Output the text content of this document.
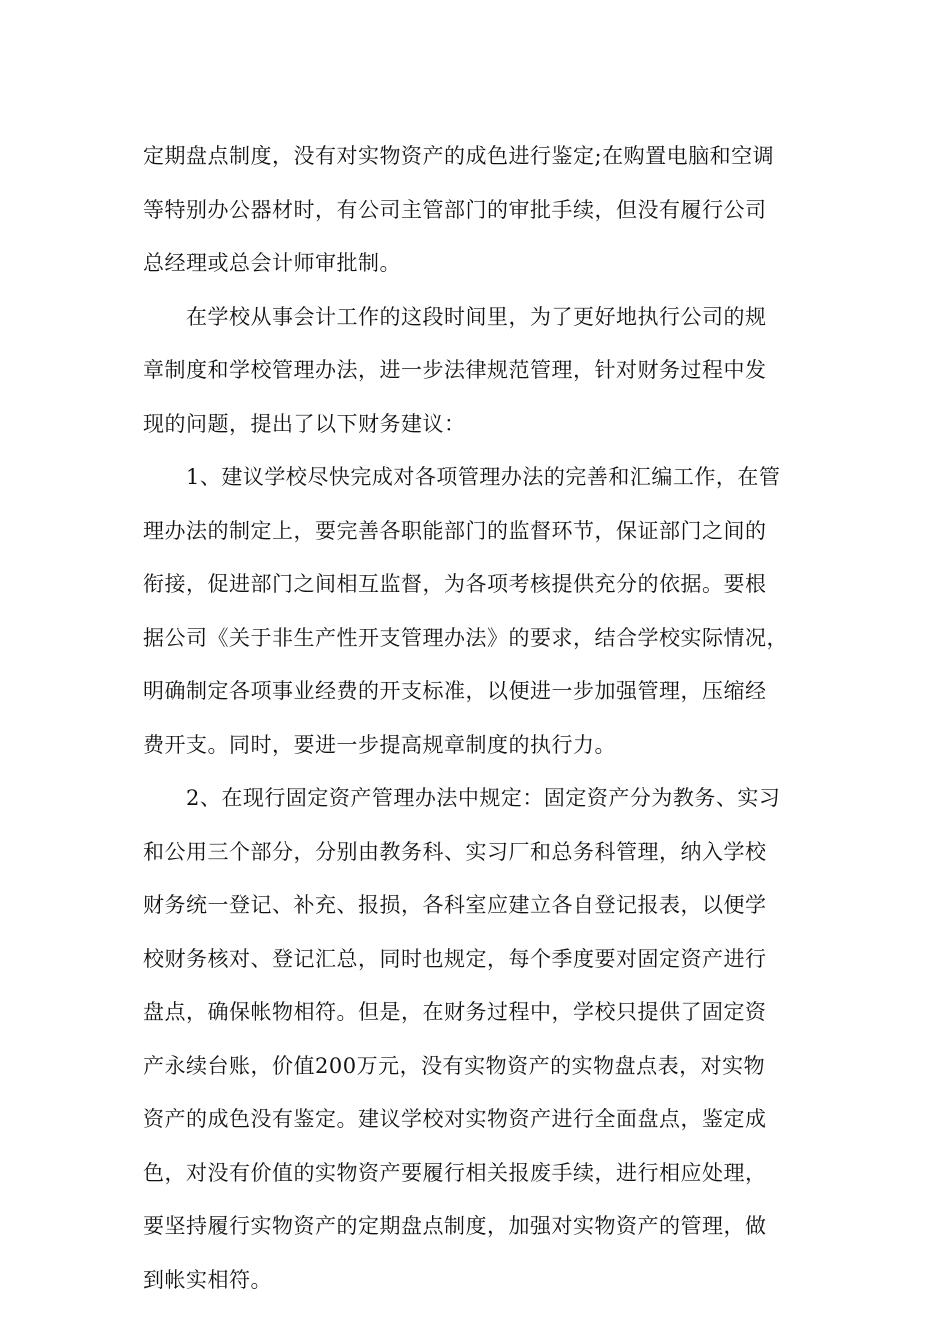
定期盘点制度，没有对实物资产的成色进行鉴定;在购置电脑和空调
等特别办公器材时，有公司主管部门的审批手续，但没有履行公司
总经理或总会计师审批制。
　　在学校从事会计工作的这段时间里，为了更好地执行公司的规
章制度和学校管理办法，进一步法律规范管理，针对财务过程中发
现的问题，提出了以下财务建议：
　　1、建议学校尽快完成对各项管理办法的完善和汇编工作，在管
理办法的制定上，要完善各职能部门的监督环节，保证部门之间的
衔接，促进部门之间相互监督，为各项考核提供充分的依据。要根
据公司《关于非生产性开支管理办法》的要求，结合学校实际情况，
明确制定各项事业经费的开支标准，以便进一步加强管理，压缩经
费开支。同时，要进一步提高规章制度的执行力。
　　2、在现行固定资产管理办法中规定：固定资产分为教务、实习
和公用三个部分，分别由教务科、实习厂和总务科管理，纳入学校
财务统一登记、补充、报损，各科室应建立各自登记报表，以便学
校财务核对、登记汇总，同时也规定，每个季度要对固定资产进行
盘点，确保帐物相符。但是，在财务过程中，学校只提供了固定资
产永续台账，价值200万元，没有实物资产的实物盘点表，对实物
资产的成色没有鉴定。建议学校对实物资产进行全面盘点，鉴定成
色，对没有价值的实物资产要履行相关报废手续，进行相应处理，
要坚持履行实物资产的定期盘点制度，加强对实物资产的管理，做
到帐实相符。
